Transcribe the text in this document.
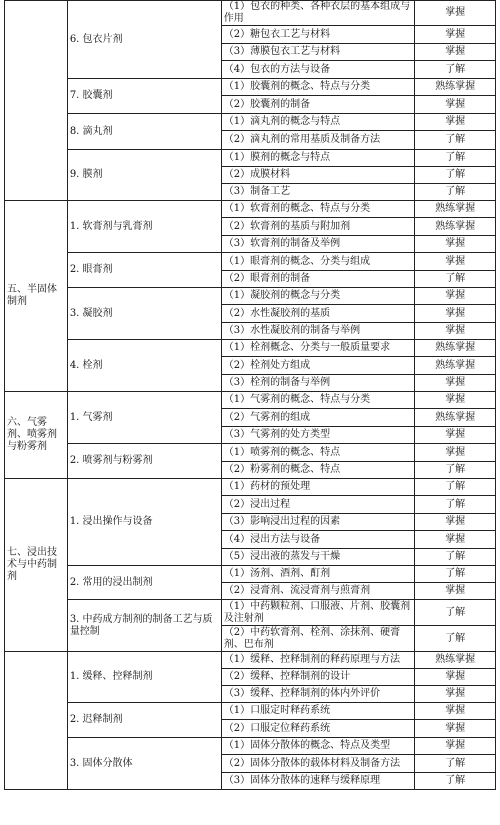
	6. 包衣片剂	（1）包衣的种类、各种衣层的基本组成与作用	掌握
		（2）糖包衣工艺与材料	掌握
		（3）薄膜包衣工艺与材料	掌握
		（4）包衣的方法与设备	了解
	7. 胶囊剂	（1）胶囊剂的概念、特点与分类	熟练掌握
		（2）胶囊剂的制备	掌握
	8. 滴丸剂	（1）滴丸剂的概念与特点	掌握
		（2）滴丸剂的常用基质及制备方法	了解
	9. 膜剂	（1）膜剂的概念与特点	了解
		（2）成膜材料	了解
		（3）制备工艺	了解
五、半固体制剂	1. 软膏剂与乳膏剂	（1）软膏剂的概念、特点与分类	熟练掌握
		（2）软膏剂的基质与附加剂	熟练掌握
		（3）软膏剂的制备及举例	掌握
	2. 眼膏剂	（1）眼膏剂的概念、分类与组成	掌握
		（2）眼膏剂的制备	了解
	3. 凝胶剂	（1）凝胶剂的概念与分类	掌握
		（2）水性凝胶剂的基质	掌握
		（3）水性凝胶剂的制备与举例	掌握
	4. 栓剂	（1）栓剂概念、分类与一般质量要求	熟练掌握
		（2）栓剂处方组成	熟练掌握
		（3）栓剂的制备与举例	掌握
六、气雾剂、喷雾剂与粉雾剂	1. 气雾剂	（1）气雾剂的概念、特点与分类	掌握
		（2）气雾剂的组成	熟练掌握
		（3）气雾剂的处方类型	掌握
	2. 喷雾剂与粉雾剂	（1）喷雾剂的概念、特点	掌握
		（2）粉雾剂的概念、特点	了解
七、浸出技术与中药制剂	1. 浸出操作与设备	（1）药材的预处理	了解
		（2）浸出过程	了解
		（3）影响浸出过程的因素	掌握
		（4）浸出方法与设备	掌握
		（5）浸出液的蒸发与干燥	了解
	2. 常用的浸出制剂	（1）汤剂、酒剂、酊剂	了解
		（2）浸膏剂、流浸膏剂与煎膏剂	掌握
	3. 中药成方制剂的制备工艺与质量控制	（1）中药颗粒剂、口服液、片剂、胶囊剂及注射剂	了解
		（2）中药软膏剂、栓剂、涂抹剂、硬膏剂、巴布剂	了解
	1. 缓释、控释制剂	（1）缓释、控释制剂的释药原理与方法	熟练掌握
		（2）缓释、控释制剂的设计	掌握
		（3）缓释、控释制剂的体内外评价	掌握
	2. 迟释制剂	（1）口服定时释药系统	掌握
		（2）口服定位释药系统	掌握
	3. 固体分散体	（1）固体分散体的概念、特点及类型	掌握
		（2）固体分散体的载体材料及制备方法	了解
		（3）固体分散体的速释与缓释原理	了解
